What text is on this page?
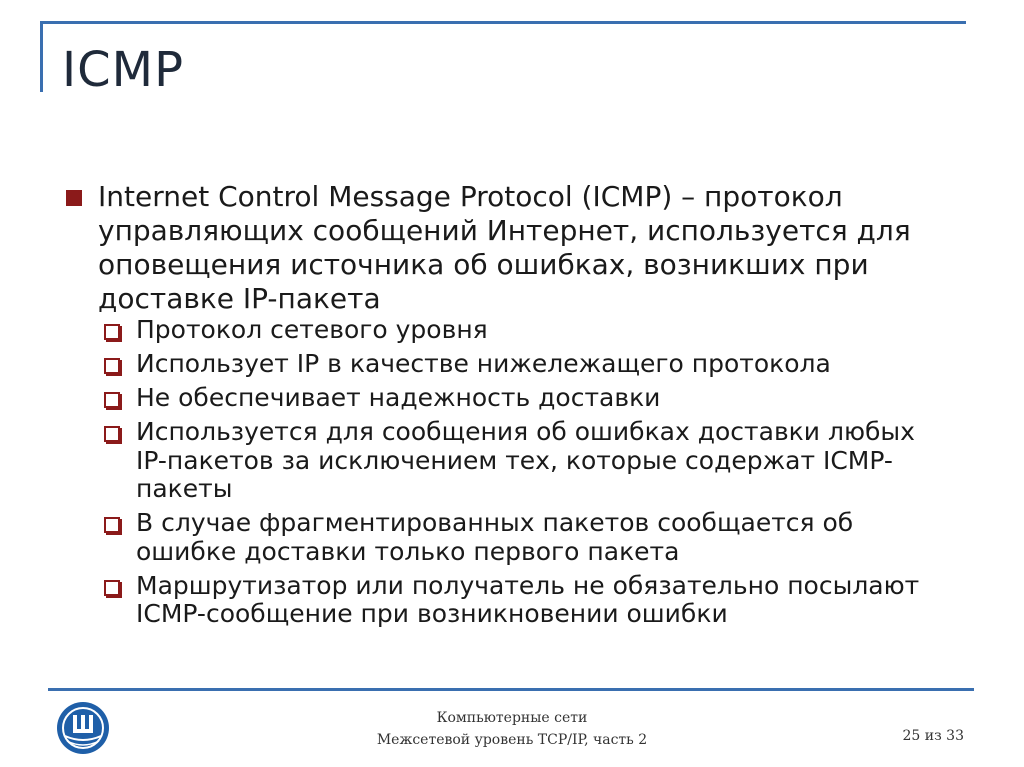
ICMP
Internet Control Message Protocol (ICMP) – протокол управляющих сообщений Интернет, используется для оповещения источника об ошибках, возникших при доставке IP-пакета
Протокол сетевого уровня
Использует IP в качестве нижележащего протокола
Не обеспечивает надежность доставки
Используется для сообщения об ошибках доставки любых IP-пакетов за исключением тех, которые содержат ICMP-пакеты
В случае фрагментированных пакетов сообщается об ошибке доставки только первого пакета
Маршрутизатор или получатель не обязательно посылают ICMP-сообщение при возникновении ошибки
Компьютерные сети
Межсетевой уровень TCP/IP, часть 2	25 из 33
